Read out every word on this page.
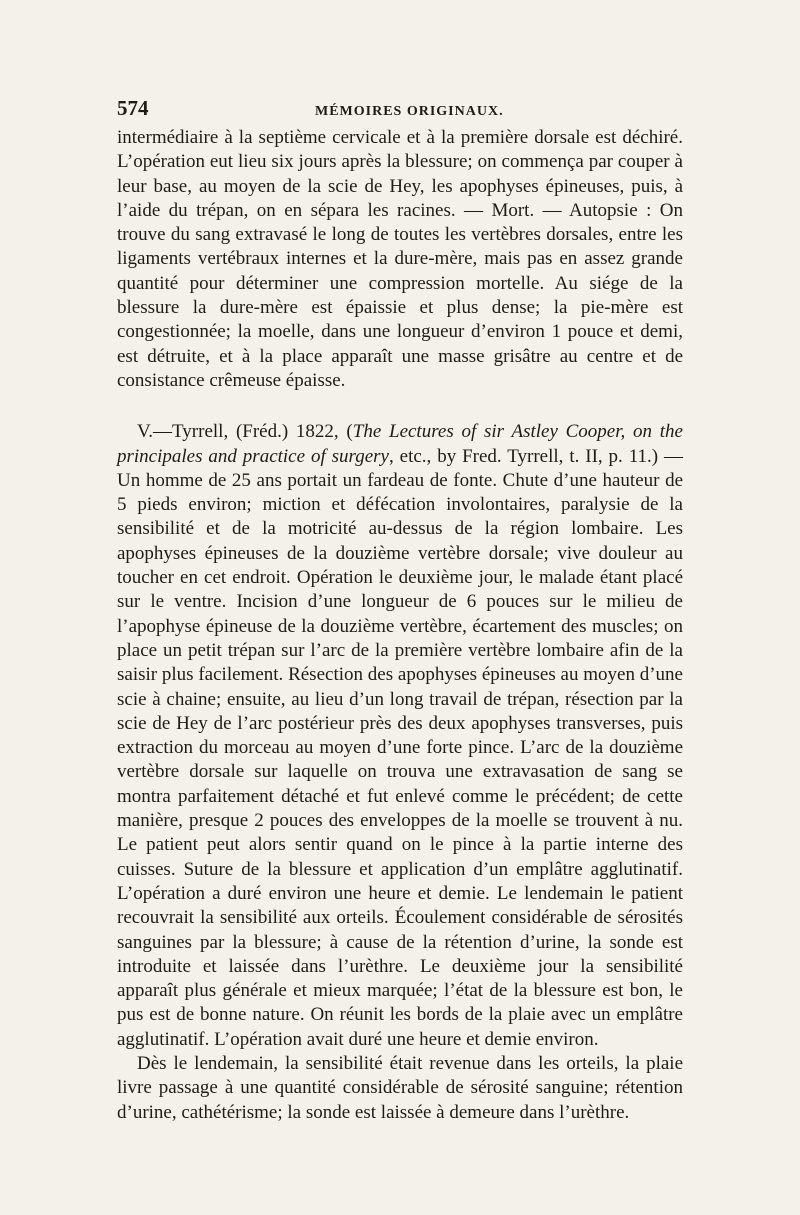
574	MÉMOIRES ORIGINAUX.

intermédiaire à la septième cervicale et à la première dorsale est déchiré. L’opération eut lieu six jours après la blessure; on commença par couper à leur base, au moyen de la scie de Hey, les apophyses épineuses, puis, à l’aide du trépan, on en sépara les racines. — Mort. — Autopsie : On trouve du sang extravasé le long de toutes les vertèbres dorsales, entre les ligaments vertébraux internes et la dure-mère, mais pas en assez grande quantité pour déterminer une compression mortelle. Au siége de la blessure la dure-mère est épaissie et plus dense; la pie-mère est congestionnée; la moelle, dans une longueur d’environ 1 pouce et demi, est détruite, et à la place apparaît une masse grisâtre au centre et de consistance crêmeuse épaisse.

V.—Tyrrell, (Fréd.) 1822, (The Lectures of sir Astley Cooper, on the principales and practice of surgery, etc., by Fred. Tyrrell, t. II, p. 11.) — Un homme de 25 ans portait un fardeau de fonte. Chute d’une hauteur de 5 pieds environ; miction et défécation involontaires, paralysie de la sensibilité et de la motricité au-dessus de la région lombaire. Les apophyses épineuses de la douzième vertèbre dorsale; vive douleur au toucher en cet endroit. Opération le deuxième jour, le malade étant placé sur le ventre. Incision d’une longueur de 6 pouces sur le milieu de l’apophyse épineuse de la douzième vertèbre, écartement des muscles; on place un petit trépan sur l’arc de la première vertèbre lombaire afin de la saisir plus facilement. Résection des apophyses épineuses au moyen d’une scie à chaine; ensuite, au lieu d’un long travail de trépan, résection par la scie de Hey de l’arc postérieur près des deux apophyses transverses, puis extraction du morceau au moyen d’une forte pince. L’arc de la douzième vertèbre dorsale sur laquelle on trouva une extravasation de sang se montra parfaitement détaché et fut enlevé comme le précédent; de cette manière, presque 2 pouces des enveloppes de la moelle se trouvent à nu. Le patient peut alors sentir quand on le pince à la partie interne des cuisses. Suture de la blessure et application d’un emplâtre agglutinatif. L’opération a duré environ une heure et demie. Le lendemain le patient recouvrait la sensibilité aux orteils. Écoulement considérable de sérosités sanguines par la blessure; à cause de la rétention d’urine, la sonde est introduite et laissée dans l’urèthre. Le deuxième jour la sensibilité apparaît plus générale et mieux marquée; l’état de la blessure est bon, le pus est de bonne nature. On réunit les bords de la plaie avec un emplâtre agglutinatif. L’opération avait duré une heure et demie environ.

Dès le lendemain, la sensibilité était revenue dans les orteils, la plaie livre passage à une quantité considérable de sérosité sanguine; rétention d’urine, cathétérisme; la sonde est laissée à demeure dans l’urèthre.
